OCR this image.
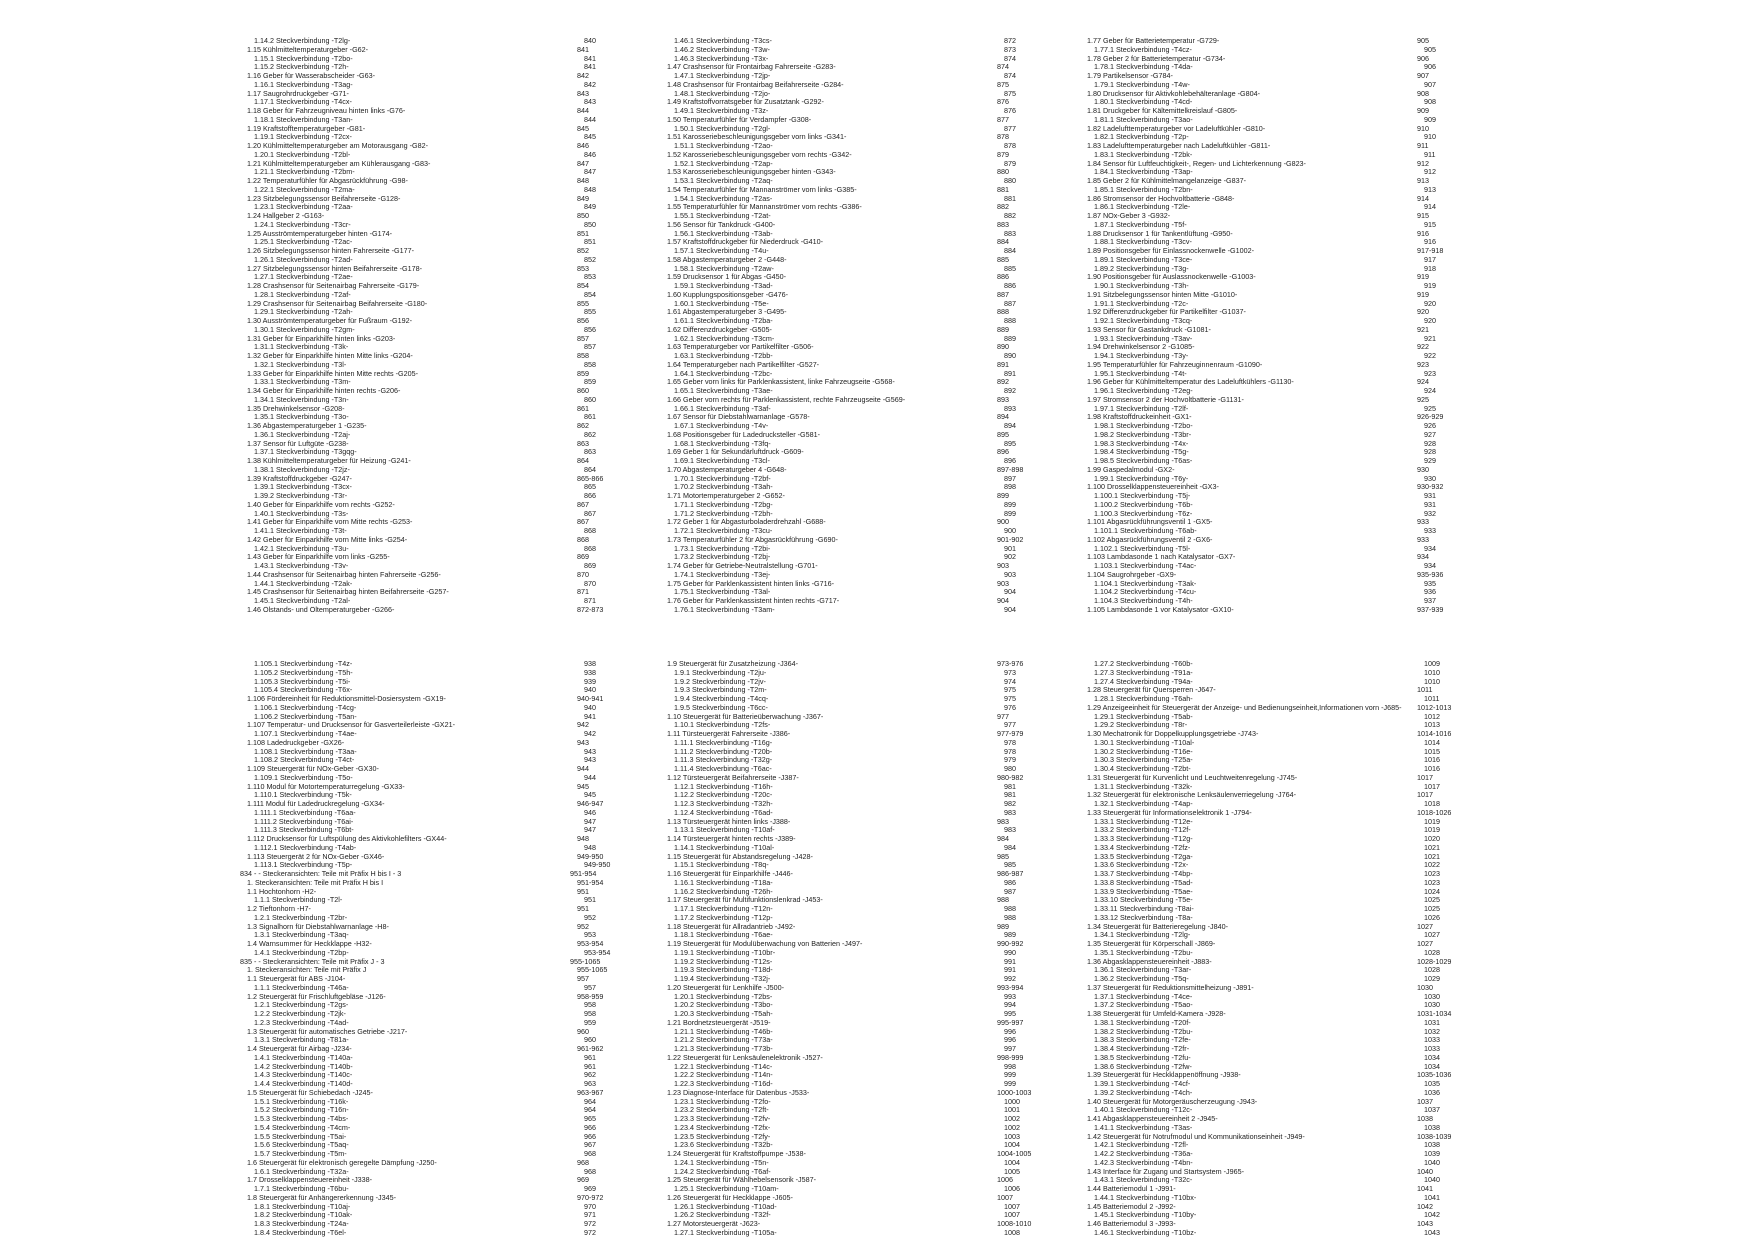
1.14.2 Steckverbindung -T2lg-	840
1.15 Kühlmitteltemperaturgeber -G62-	841
1.15.1 Steckverbindung -T2bo-	841
1.15.2 Steckverbindung -T2h-	841
1.16 Geber für Wasserabscheider -G63-	842
1.16.1 Steckverbindung -T3ag-	842
1.17 Saugrohrdruckgeber -G71-	843
1.17.1 Steckverbindung -T4cx-	843
1.18 Geber für Fahrzeugniveau hinten links -G76-	844
1.18.1 Steckverbindung -T3an-	844
1.19 Kraftstofftemperaturgeber -G81-	845
1.19.1 Steckverbindung -T2cx-	845
1.20 Kühlmitteltemperaturgeber am Motorausgang -G82-	846
1.20.1 Steckverbindung -T2bl-	846
1.21 Kühlmitteltemperaturgeber am Kühlerausgang -G83-	847
1.21.1 Steckverbindung -T2bm-	847
1.22 Temperaturfühler für Abgasrückführung -G98-	848
1.22.1 Steckverbindung -T2ma-	848
1.23 Sitzbelegungssensor Beifahrerseite -G128-	849
1.23.1 Steckverbindung -T2aa-	849
1.24 Hallgeber 2 -G163-	850
1.24.1 Steckverbindung -T3cr-	850
1.25 Ausströmtemperaturgeber hinten -G174-	851
1.25.1 Steckverbindung -T2ac-	851
1.26 Sitzbelegungssensor hinten Fahrerseite -G177-	852
1.26.1 Steckverbindung -T2ad-	852
1.27 Sitzbelegungssensor hinten Beifahrerseite -G178-	853
1.27.1 Steckverbindung -T2ae-	853
1.28 Crashsensor für Seitenairbag Fahrerseite -G179-	854
1.28.1 Steckverbindung -T2af-	854
1.29 Crashsensor für Seitenairbag Beifahrerseite -G180-	855
1.29.1 Steckverbindung -T2ah-	855
1.30 Ausströmtemperaturgeber für Fußraum -G192-	856
1.30.1 Steckverbindung -T2gm-	856
1.31 Geber für Einparkhilfe hinten links -G203-	857
1.31.1 Steckverbindung -T3k-	857
1.32 Geber für Einparkhilfe hinten Mitte links -G204-	858
1.32.1 Steckverbindung -T3l-	858
1.33 Geber für Einparkhilfe hinten Mitte rechts -G205-	859
1.33.1 Steckverbindung -T3m-	859
1.34 Geber für Einparkhilfe hinten rechts -G206-	860
1.34.1 Steckverbindung -T3n-	860
1.35 Drehwinkelsensor -G208-	861
1.35.1 Steckverbindung -T3o-	861
1.36 Abgastemperaturgeber 1 -G235-	862
1.36.1 Steckverbindung -T2aj-	862
1.37 Sensor für Luftgüte -G238-	863
1.37.1 Steckverbindung -T3gqg-	863
1.38 Kühlmitteltemperaturgeber für Heizung -G241-	864
1.38.1 Steckverbindung -T2jz-	864
1.39 Kraftstoffdruckgeber -G247-	865-866
1.39.1 Steckverbindung -T3cx-	865
1.39.2 Steckverbindung -T3r-	866
1.40 Geber für Einparkhilfe vorn rechts -G252-	867
1.40.1 Steckverbindung -T3s-	867
1.41 Geber für Einparkhilfe vorn Mitte rechts -G253-	867
1.41.1 Steckverbindung -T3t-	868
1.42 Geber für Einparkhilfe vorn Mitte links -G254-	868
1.42.1 Steckverbindung -T3u-	868
1.43 Geber für Einparkhilfe vorn links -G255-	869
1.43.1 Steckverbindung -T3v-	869
1.44 Crashsensor für Seitenairbag hinten Fahrerseite -G256-	870
1.44.1 Steckverbindung -T2ak-	870
1.45 Crashsensor für Seitenairbag hinten Beifahrerseite -G257-	871
1.45.1 Steckverbindung -T2al-	871
1.46 Ölstands- und Öltemperaturgeber -G266-	872-873
1.46.1 Steckverbindung -T3cs-	872
1.46.2 Steckverbindung -T3w-	873
1.46.3 Steckverbindung -T3x-	874
1.47 Crashsensor für Frontairbag Fahrerseite -G283-	874
1.47.1 Steckverbindung -T2jp-	874
1.48 Crashsensor für Frontairbag Beifahrerseite -G284-	875
1.48.1 Steckverbindung -T2jo-	875
1.49 Kraftstoffvorratsgeber für Zusatztank -G292-	876
1.49.1 Steckverbindung -T3z-	876
1.50 Temperaturfühler für Verdampfer -G308-	877
1.50.1 Steckverbindung -T2gl-	877
1.51 Karosseriebeschleunigungsgeber vorn links -G341-	878
1.51.1 Steckverbindung -T2ao-	878
1.52 Karosseriebeschleunigungsgeber vorn rechts -G342-	879
1.52.1 Steckverbindung -T2ap-	879
1.53 Karosseriebeschleunigungsgeber hinten -G343-	880
1.53.1 Steckverbindung -T2aq-	880
1.54 Temperaturfühler für Mannanströmer vorn links -G385-	881
1.54.1 Steckverbindung -T2as-	881
1.55 Temperaturfühler für Mannanströmer vorn rechts -G386-	882
1.55.1 Steckverbindung -T2at-	882
1.56 Sensor für Tankdruck -G400-	883
1.56.1 Steckverbindung -T3ab-	883
1.57 Kraftstoffdruckgeber für Niederdruck -G410-	884
1.57.1 Steckverbindung -T4u-	884
1.58 Abgastemperaturgeber 2 -G448-	885
1.58.1 Steckverbindung -T2aw-	885
1.59 Drucksensor 1 für Abgas -G450-	886
1.59.1 Steckverbindung -T3ad-	886
1.60 Kupplungspositionsgeber -G476-	887
1.60.1 Steckverbindung -T5e-	887
1.61 Abgastemperaturgeber 3 -G495-	888
1.61.1 Steckverbindung -T2ba-	888
1.62 Differenzdruckgeber -G505-	889
1.62.1 Steckverbindung -T3cm-	889
1.63 Temperaturgeber vor Partikelfilter -G506-	890
1.63.1 Steckverbindung -T2bb-	890
1.64 Temperaturgeber nach Partikelfilter -G527-	891
1.64.1 Steckverbindung -T2bc-	891
1.65 Geber vorn links für Parklenkassistent, linke Fahrzeugseite -G568-	892
1.65.1 Steckverbindung -T3ae-	892
1.66 Geber vorn rechts für Parklenkassistent, rechte Fahrzeugseite -G569-	893
1.66.1 Steckverbindung -T3af-	893
1.67 Sensor für Diebstahlwarnanlage -G578-	894
1.67.1 Steckverbindung -T4v-	894
1.68 Positionsgeber für Ladedrucksteller -G581-	895
1.68.1 Steckverbindung -T3fq-	895
1.69 Geber 1 für Sekundärluftdruck -G609-	896
1.69.1 Steckverbindung -T3cl-	896
1.70 Abgastemperaturgeber 4 -G648-	897-898
1.70.1 Steckverbindung -T2bf-	897
1.70.2 Steckverbindung -T3ah-	898
1.71 Motortemperaturgeber 2 -G652-	899
1.71.1 Steckverbindung -T2bg-	899
1.71.2 Steckverbindung -T2bh-	899
1.72 Geber 1 für Abgasturboladerdrehzahl -G688-	900
1.72.1 Steckverbindung -T3cu-	900
1.73 Temperaturfühler 2 für Abgasrückführung -G690-	901-902
1.73.1 Steckverbindung -T2bi-	901
1.73.2 Steckverbindung -T2bj-	902
1.74 Geber für Getriebe-Neutralstellung -G701-	903
1.74.1 Steckverbindung -T3ej-	903
1.75 Geber für Parklenkassistent hinten links -G716-	903
1.75.1 Steckverbindung -T3al-	904
1.76 Geber für Parklenkassistent hinten rechts -G717-	904
1.76.1 Steckverbindung -T3am-	904
1.77 Geber für Batterietemperatur -G729-	905
1.77.1 Steckverbindung -T4cz-	905
1.78 Geber 2 für Batterietemperatur -G734-	906
1.78.1 Steckverbindung -T4da-	906
1.79 Partikelsensor -G784-	907
1.79.1 Steckverbindung -T4w-	907
1.80 Drucksensor für Aktivkohlebehälteranlage -G804-	908
1.80.1 Steckverbindung -T4cd-	908
1.81 Druckgeber für Kältemittelkreislauf -G805-	909
1.81.1 Steckverbindung -T3ao-	909
1.82 Ladelufttemperaturgeber vor Ladeluftkühler -G810-	910
1.82.1 Steckverbindung -T2p-	910
1.83 Ladelufttemperaturgeber nach Ladeluftkühler -G811-	911
1.83.1 Steckverbindung -T2bk-	911
1.84 Sensor für Luftfeuchtigkeit-, Regen- und Lichterkennung -G823-	912
1.84.1 Steckverbindung -T3ap-	912
1.85 Geber 2 für Kühlmittelmangelanzeige -G837-	913
1.85.1 Steckverbindung -T2bn-	913
1.86 Stromsensor der Hochvoltbatterie -G848-	914
1.86.1 Steckverbindung -T2le-	914
1.87 NOx-Geber 3 -G932-	915
1.87.1 Steckverbindung -T5f-	915
1.88 Drucksensor 1 für Tankentlüftung -G950-	916
1.88.1 Steckverbindung -T3cv-	916
1.89 Positionsgeber für Einlassnockenwelle -G1002-	917-918
1.89.1 Steckverbindung -T3ce-	917
1.89.2 Steckverbindung -T3g-	918
1.90 Positionsgeber für Auslassnockenwelle -G1003-	919
1.90.1 Steckverbindung -T3h-	919
1.91 Sitzbelegungssensor hinten Mitte -G1010-	919
1.91.1 Steckverbindung -T2c-	920
1.92 Differenzdruckgeber für Partikelfilter -G1037-	920
1.92.1 Steckverbindung -T3cq-	920
1.93 Sensor für Gastankdruck -G1081-	921
1.93.1 Steckverbindung -T3av-	921
1.94 Drehwinkelsensor 2 -G1085-	922
1.94.1 Steckverbindung -T3y-	922
1.95 Temperaturfühler für Fahrzeuginnenraum -G1090-	923
1.95.1 Steckverbindung -T4t-	923
1.96 Geber für Kühlmitteltemperatur des Ladeluftkühlers -G1130-	924
1.96.1 Steckverbindung -T2eg-	924
1.97 Stromsensor 2 der Hochvoltbatterie -G1131-	925
1.97.1 Steckverbindung -T2lf-	925
1.98 Kraftstoffdruckeinheit -GX1-	926-929
1.98.1 Steckverbindung -T2bo-	926
1.98.2 Steckverbindung -T3br-	927
1.98.3 Steckverbindung -T4x-	928
1.98.4 Steckverbindung -T5g-	928
1.98.5 Steckverbindung -T6as-	929
1.99 Gaspedalmodul -GX2-	930
1.99.1 Steckverbindung -T6y-	930
1.100 Drosselklappensteuereinheit -GX3-	930-932
1.100.1 Steckverbindung -T5j-	931
1.100.2 Steckverbindung -T6b-	931
1.100.3 Steckverbindung -T6z-	932
1.101 Abgasrückführungsventil 1 -GX5-	933
1.101.1 Steckverbindung -T6ab-	933
1.102 Abgasrückführungsventil 2 -GX6-	933
1.102.1 Steckverbindung -T5l-	934
1.103 Lambdasonde 1 nach Katalysator -GX7-	934
1.103.1 Steckverbindung -T4ac-	934
1.104 Saugrohrgeber -GX9-	935-936
1.104.1 Steckverbindung -T3ak-	935
1.104.2 Steckverbindung -T4cu-	936
1.104.3 Steckverbindung -T4h-	937
1.105 Lambdasonde 1 vor Katalysator -GX10-	937-939
1.105.1 Steckverbindung -T4z-	938
1.105.2 Steckverbindung -T5h-	938
1.105.3 Steckverbindung -T5i-	939
1.105.4 Steckverbindung -T6x-	940
1.106 Fördereinheit für Reduktionsmittel-Dosiersystem -GX19-	940-941
1.106.1 Steckverbindung -T4cg-	940
1.106.2 Steckverbindung -T5an-	941
1.107 Temperatur- und Drucksensor für Gasverteilerleiste -GX21-	942
1.107.1 Steckverbindung -T4ae-	942
1.108 Ladedruckgeber -GX26-	943
1.108.1 Steckverbindung -T3aa-	943
1.108.2 Steckverbindung -T4ct-	943
1.109 Steuergerät für NOx-Geber -GX30-	944
1.109.1 Steckverbindung -T5o-	944
1.110 Modul für Motortemperaturregelung -GX33-	945
1.110.1 Steckverbindung -T5k-	945
1.111 Modul für Ladedruckregelung -GX34-	946-947
1.111.1 Steckverbindung -T6aa-	946
1.111.2 Steckverbindung -T6ai-	947
1.111.3 Steckverbindung -T6bt-	947
1.112 Drucksensor für Luftspülung des Aktivkohlefilters -GX44-	948
1.112.1 Steckverbindung -T4ab-	948
1.113 Steuergerät 2 für NOx-Geber -GX46-	949-950
1.113.1 Steckverbindung -T5p-	949-950
834 - - Steckeransichten: Teile mit Präfix H bis I - 3	951-954
1. Steckeransichten: Teile mit Präfix H bis I	951-954
1.1 Hochtonhorn -H2-	951
1.1.1 Steckverbindung -T2l-	951
1.2 Tieftonhorn -H7-	951
1.2.1 Steckverbindung -T2br-	952
1.3 Signalhorn für Diebstahlwarnanlage -H8-	952
1.3.1 Steckverbindung -T3aq-	953
1.4 Warnsummer für Heckklappe -H32-	953-954
1.4.1 Steckverbindung -T2bp-	953-954
835 - - Steckeransichten: Teile mit Präfix J - 3	955-1065
1. Steckeransichten: Teile mit Präfix J	955-1065
1.1 Steuergerät für ABS -J104-	957
1.1.1 Steckverbindung -T46a-	957
1.2 Steuergerät für Frischluftgebläse -J126-	958-959
1.2.1 Steckverbindung -T2gs-	958
1.2.2 Steckverbindung -T2jk-	958
1.2.3 Steckverbindung -T4ad-	959
1.3 Steuergerät für automatisches Getriebe -J217-	960
1.3.1 Steckverbindung -T81a-	960
1.4 Steuergerät für Airbag -J234-	961-962
1.4.1 Steckverbindung -T140a-	961
1.4.2 Steckverbindung -T140b-	961
1.4.3 Steckverbindung -T140c-	962
1.4.4 Steckverbindung -T140d-	963
1.5 Steuergerät für Schiebedach -J245-	963-967
1.5.1 Steckverbindung -T16k-	964
1.5.2 Steckverbindung -T16n-	964
1.5.3 Steckverbindung -T4bs-	965
1.5.4 Steckverbindung -T4cm-	966
1.5.5 Steckverbindung -T5ai-	966
1.5.6 Steckverbindung -T5aq-	967
1.5.7 Steckverbindung -T5m-	968
1.6 Steuergerät für elektronisch geregelte Dämpfung -J250-	968
1.6.1 Steckverbindung -T32a-	968
1.7 Drosselklappensteuereinheit -J338-	969
1.7.1 Steckverbindung -T6bu-	969
1.8 Steuergerät für Anhängererkennung -J345-	970-972
1.8.1 Steckverbindung -T10aj-	970
1.8.2 Steckverbindung -T10ak-	971
1.8.3 Steckverbindung -T24a-	972
1.8.4 Steckverbindung -T6el-	972
1.9 Steuergerät für Zusatzheizung -J364-	973-976
1.9.1 Steckverbindung -T2ju-	973
1.9.2 Steckverbindung -T2jv-	974
1.9.3 Steckverbindung -T2m-	975
1.9.4 Steckverbindung -T4cq-	975
1.9.5 Steckverbindung -T6cc-	976
1.10 Steuergerät für Batterieüberwachung -J367-	977
1.10.1 Steckverbindung -T2fs-	977
1.11 Türsteuergerät Fahrerseite -J386-	977-979
1.11.1 Steckverbindung -T16g-	978
1.11.2 Steckverbindung -T20b-	978
1.11.3 Steckverbindung -T32g-	979
1.11.4 Steckverbindung -T6ac-	980
1.12 Türsteuergerät Beifahrerseite -J387-	980-982
1.12.1 Steckverbindung -T16h-	981
1.12.2 Steckverbindung -T20c-	981
1.12.3 Steckverbindung -T32h-	982
1.12.4 Steckverbindung -T6ad-	983
1.13 Türsteuergerät hinten links -J388-	983
1.13.1 Steckverbindung -T10af-	983
1.14 Türsteuergerät hinten rechts -J389-	984
1.14.1 Steckverbindung -T10al-	984
1.15 Steuergerät für Abstandsregelung -J428-	985
1.15.1 Steckverbindung -T8q-	985
1.16 Steuergerät für Einparkhilfe -J446-	986-987
1.16.1 Steckverbindung -T18a-	986
1.16.2 Steckverbindung -T26h-	987
1.17 Steuergerät für Multifunktionslenkrad -J453-	988
1.17.1 Steckverbindung -T12n-	988
1.17.2 Steckverbindung -T12p-	988
1.18 Steuergerät für Allradantrieb -J492-	989
1.18.1 Steckverbindung -T6ae-	989
1.19 Steuergerät für Modulüberwachung von Batterien -J497-	990-992
1.19.1 Steckverbindung -T10br-	990
1.19.2 Steckverbindung -T12s-	991
1.19.3 Steckverbindung -T18d-	991
1.19.4 Steckverbindung -T32j-	992
1.20 Steuergerät für Lenkhilfe -J500-	993-994
1.20.1 Steckverbindung -T2bs-	993
1.20.2 Steckverbindung -T3bo-	994
1.20.3 Steckverbindung -T5ah-	995
1.21 Bordnetzsteuergerät -J519-	995-997
1.21.1 Steckverbindung -T46b-	996
1.21.2 Steckverbindung -T73a-	996
1.21.3 Steckverbindung -T73b-	997
1.22 Steuergerät für Lenksäulenelektronik -J527-	998-999
1.22.1 Steckverbindung -T14c-	998
1.22.2 Steckverbindung -T14n-	999
1.22.3 Steckverbindung -T16d-	999
1.23 Diagnose-Interface für Datenbus -J533-	1000-1003
1.23.1 Steckverbindung -T2fo-	1000
1.23.2 Steckverbindung -T2ft-	1001
1.23.3 Steckverbindung -T2fv-	1002
1.23.4 Steckverbindung -T2fx-	1002
1.23.5 Steckverbindung -T2fy-	1003
1.23.6 Steckverbindung -T32b-	1004
1.24 Steuergerät für Kraftstoffpumpe -J538-	1004-1005
1.24.1 Steckverbindung -T5n-	1004
1.24.2 Steckverbindung -T6af-	1005
1.25 Steuergerät für Wählhebelsensorik -J587-	1006
1.25.1 Steckverbindung -T10am-	1006
1.26 Steuergerät für Heckklappe -J605-	1007
1.26.1 Steckverbindung -T10ad-	1007
1.26.2 Steckverbindung -T32f-	1007
1.27 Motorsteuergerät -J623-	1008-1010
1.27.1 Steckverbindung -T105a-	1008
1.27.2 Steckverbindung -T60b-	1009
1.27.3 Steckverbindung -T91a-	1010
1.27.4 Steckverbindung -T94a-	1010
1.28 Steuergerät für Quersperren -J647-	1011
1.28.1 Steckverbindung -T6ah-	1011
1.29 Anzeigeeinheit für Steuergerät der Anzeige- und Bedienungseinheit,Informationen vorn -J685-	1012-1013
1.29.1 Steckverbindung -T5ab-	1012
1.29.2 Steckverbindung -T8r-	1013
1.30 Mechatronik für Doppelkupplungsgetriebe -J743-	1014-1016
1.30.1 Steckverbindung -T10al-	1014
1.30.2 Steckverbindung -T16e-	1015
1.30.3 Steckverbindung -T25a-	1016
1.30.4 Steckverbindung -T2bt-	1016
1.31 Steuergerät für Kurvenlicht und Leuchtweitenregelung -J745-	1017
1.31.1 Steckverbindung -T32k-	1017
1.32 Steuergerät für elektronische Lenksäulenverriegelung -J764-	1017
1.32.1 Steckverbindung -T4ap-	1018
1.33 Steuergerät für Informationselektronik 1 -J794-	1018-1026
1.33.1 Steckverbindung -T12e-	1019
1.33.2 Steckverbindung -T12f-	1019
1.33.3 Steckverbindung -T12g-	1020
1.33.4 Steckverbindung -T2fz-	1021
1.33.5 Steckverbindung -T2ga-	1021
1.33.6 Steckverbindung -T2x-	1022
1.33.7 Steckverbindung -T4bp-	1023
1.33.8 Steckverbindung -T5ad-	1023
1.33.9 Steckverbindung -T5ae-	1024
1.33.10 Steckverbindung -T5e-	1025
1.33.11 Steckverbindung -T8ai-	1025
1.33.12 Steckverbindung -T8a-	1026
1.34 Steuergerät für Batterieregelung -J840-	1027
1.34.1 Steckverbindung -T2lg-	1027
1.35 Steuergerät für Körperschall -J869-	1027
1.35.1 Steckverbindung -T2bu-	1028
1.36 Abgasklappensteuereinheit -J883-	1028-1029
1.36.1 Steckverbindung -T3ar-	1028
1.36.2 Steckverbindung -T5q-	1029
1.37 Steuergerät für Reduktionsmittelheizung -J891-	1030
1.37.1 Steckverbindung -T4ce-	1030
1.37.2 Steckverbindung -T5ao-	1030
1.38 Steuergerät für Umfeld-Kamera -J928-	1031-1034
1.38.1 Steckverbindung -T20f-	1031
1.38.2 Steckverbindung -T2bu-	1032
1.38.3 Steckverbindung -T2fe-	1033
1.38.4 Steckverbindung -T2fr-	1033
1.38.5 Steckverbindung -T2fu-	1034
1.38.6 Steckverbindung -T2fw-	1034
1.39 Steuergerät für Heckklappenöffnung -J938-	1035-1036
1.39.1 Steckverbindung -T4cf-	1035
1.39.2 Steckverbindung -T4ch-	1036
1.40 Steuergerät für Motorgeräuscherzeugung -J943-	1037
1.40.1 Steckverbindung -T12c-	1037
1.41 Abgasklappensteuereinheit 2 -J945-	1038
1.41.1 Steckverbindung -T3as-	1038
1.42 Steuergerät für Notrufmodul und Kommunikationseinheit -J949-	1038-1039
1.42.1 Steckverbindung -T2fl-	1038
1.42.2 Steckverbindung -T36a-	1039
1.42.3 Steckverbindung -T4bn-	1040
1.43 Interface für Zugang und Startsystem -J965-	1040
1.43.1 Steckverbindung -T32c-	1040
1.44 Batteriemodul 1 -J991-	1041
1.44.1 Steckverbindung -T10bx-	1041
1.45 Batteriemodul 2 -J992-	1042
1.45.1 Steckverbindung -T10by-	1042
1.46 Batteriemodul 3 -J993-	1043
1.46.1 Steckverbindung -T10bz-	1043
